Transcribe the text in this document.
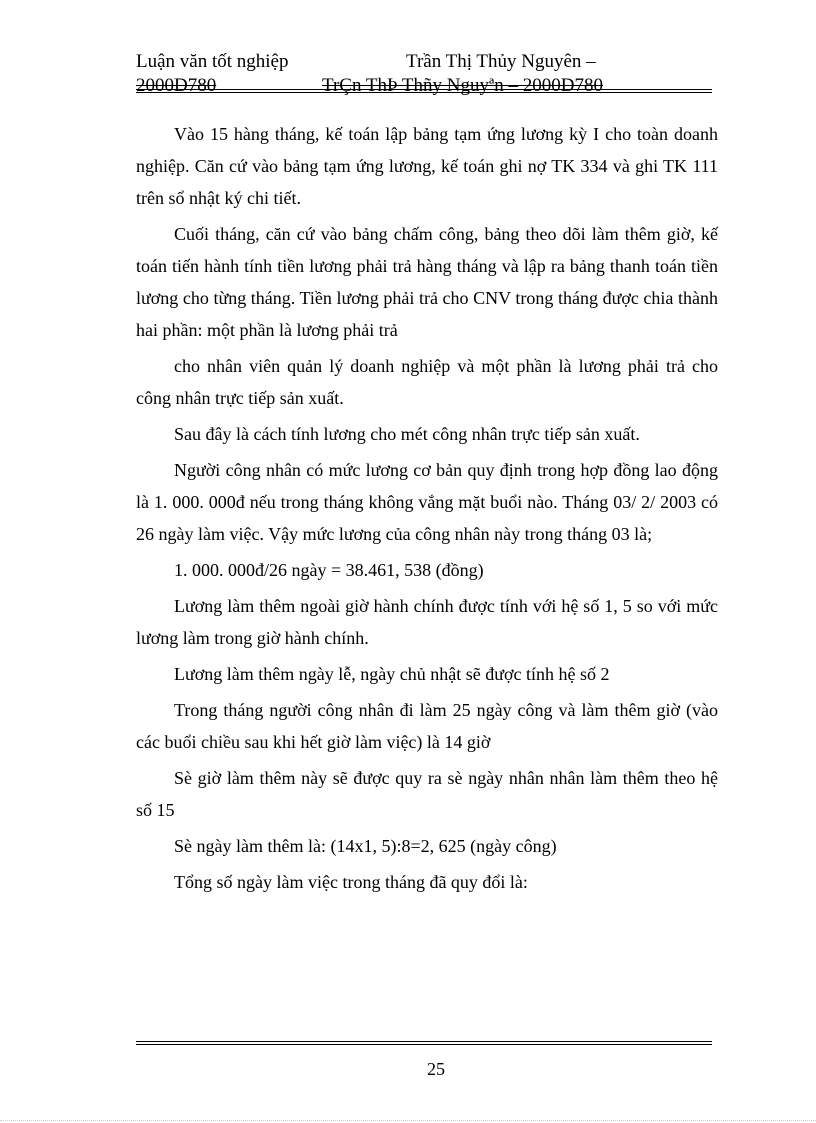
Luận văn tốt nghiệp	Trần Thị Thủy Nguyên –
2000D780	TrÇn ThÞ Thñy Nguyªn – 2000D780

Vào 15 hàng tháng, kế toán lập bảng tạm ứng lương kỳ I cho toàn doanh nghiệp. Căn cứ vào bảng tạm ứng lương, kế toán ghi nợ TK 334 và ghi TK 111 trên sổ nhật ký chi tiết.

Cuối tháng, căn cứ vào bảng chấm công, bảng theo dõi làm thêm giờ, kế toán tiến hành tính tiền lương phải trả hàng tháng và lập ra bảng thanh toán tiền lương cho từng tháng. Tiền lương phải trả cho CNV trong tháng được chia thành hai phần: một phần là lương phải trả

cho nhân viên quản lý doanh nghiệp và một phần là lương phải trả cho công nhân trực tiếp sản xuất.

Sau đây là cách tính lương cho mét công nhân trực tiếp sản xuất.

Người công nhân có mức lương cơ bản quy định trong hợp đồng lao động là 1. 000. 000đ nếu trong tháng không vắng mặt buổi nào. Tháng 03/ 2/ 2003 có 26 ngày làm việc. Vậy mức lương của công nhân này trong tháng 03 là;

1. 000. 000đ/26 ngày = 38.461, 538 (đồng)

Lương làm thêm ngoài giờ hành chính được tính với hệ số 1, 5 so với mức lương làm trong giờ hành chính.

Lương làm thêm ngày lễ, ngày chủ nhật sẽ được tính hệ số 2

Trong tháng người công nhân đi làm 25 ngày công và làm thêm giờ (vào các buổi chiều sau khi hết giờ làm việc) là 14 giờ

Sè giờ làm thêm này sẽ được quy ra sè ngày nhân nhân làm thêm theo hệ số 15

Sè ngày làm thêm là: (14x1, 5):8=2, 625 (ngày công)

Tổng số ngày làm việc trong tháng đã quy đổi là:

25
